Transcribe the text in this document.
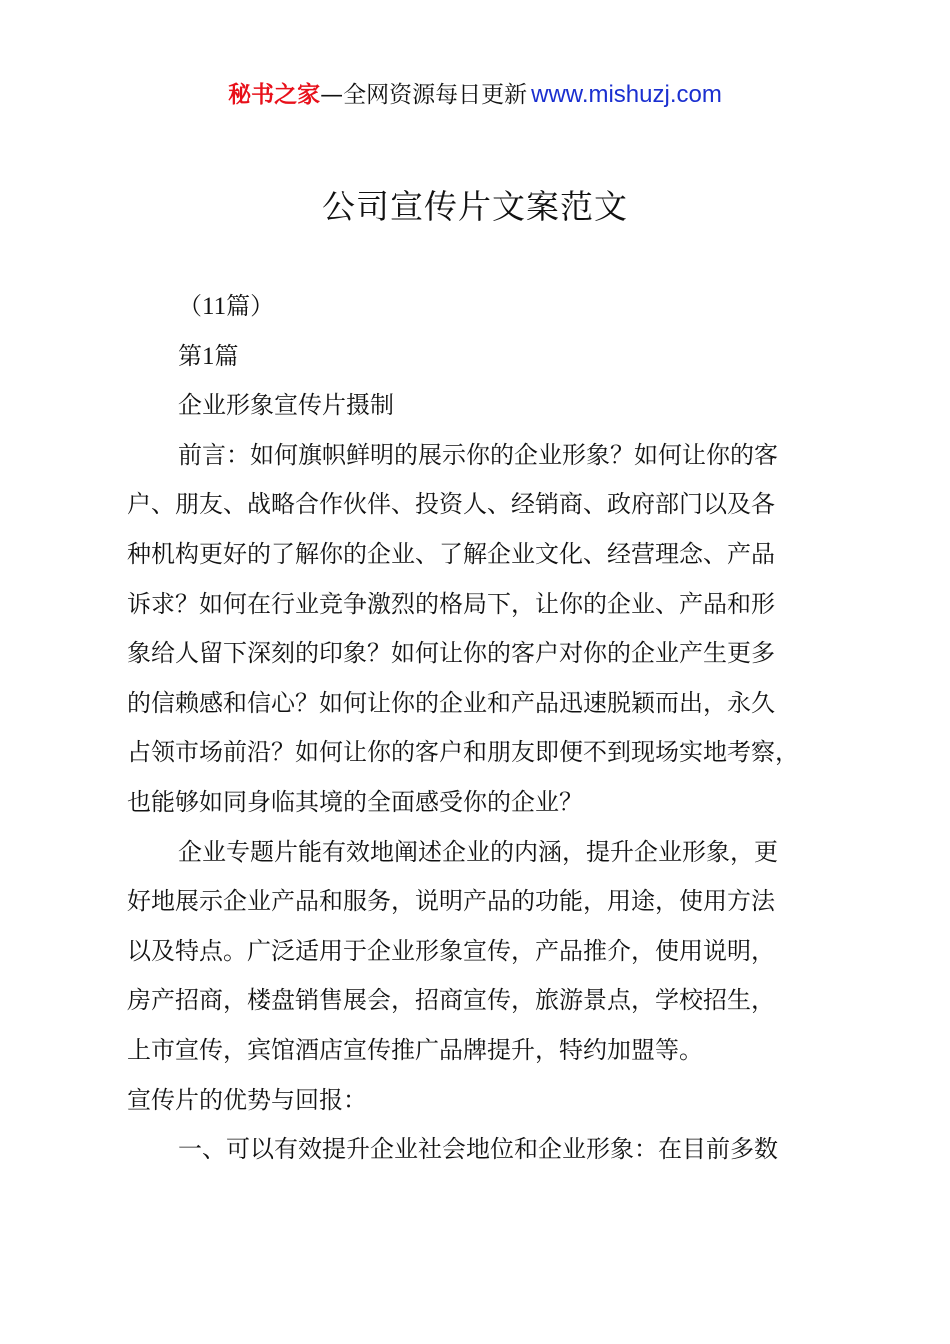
秘书之家—全网资源每日更新 www.mishuzj.com
公司宣传片文案范文

（11篇）

第1篇

企业形象宣传片摄制

前言：如何旗帜鲜明的展示你的企业形象？如何让你的客

户、朋友、战略合作伙伴、投资人、经销商、政府部门以及各

种机构更好的了解你的企业、了解企业文化、经营理念、产品

诉求？如何在行业竞争激烈的格局下，让你的企业、产品和形

象给人留下深刻的印象？如何让你的客户对你的企业产生更多

的信赖感和信心？如何让你的企业和产品迅速脱颖而出，永久

占领市场前沿？如何让你的客户和朋友即便不到现场实地考察，

也能够如同身临其境的全面感受你的企业？

企业专题片能有效地阐述企业的内涵，提升企业形象，更

好地展示企业产品和服务，说明产品的功能，用途，使用方法

以及特点。广泛适用于企业形象宣传，产品推介，使用说明，

房产招商，楼盘销售展会，招商宣传，旅游景点，学校招生，

上市宣传，宾馆酒店宣传推广品牌提升，特约加盟等。

宣传片的优势与回报：

一、可以有效提升企业社会地位和企业形象：在目前多数
